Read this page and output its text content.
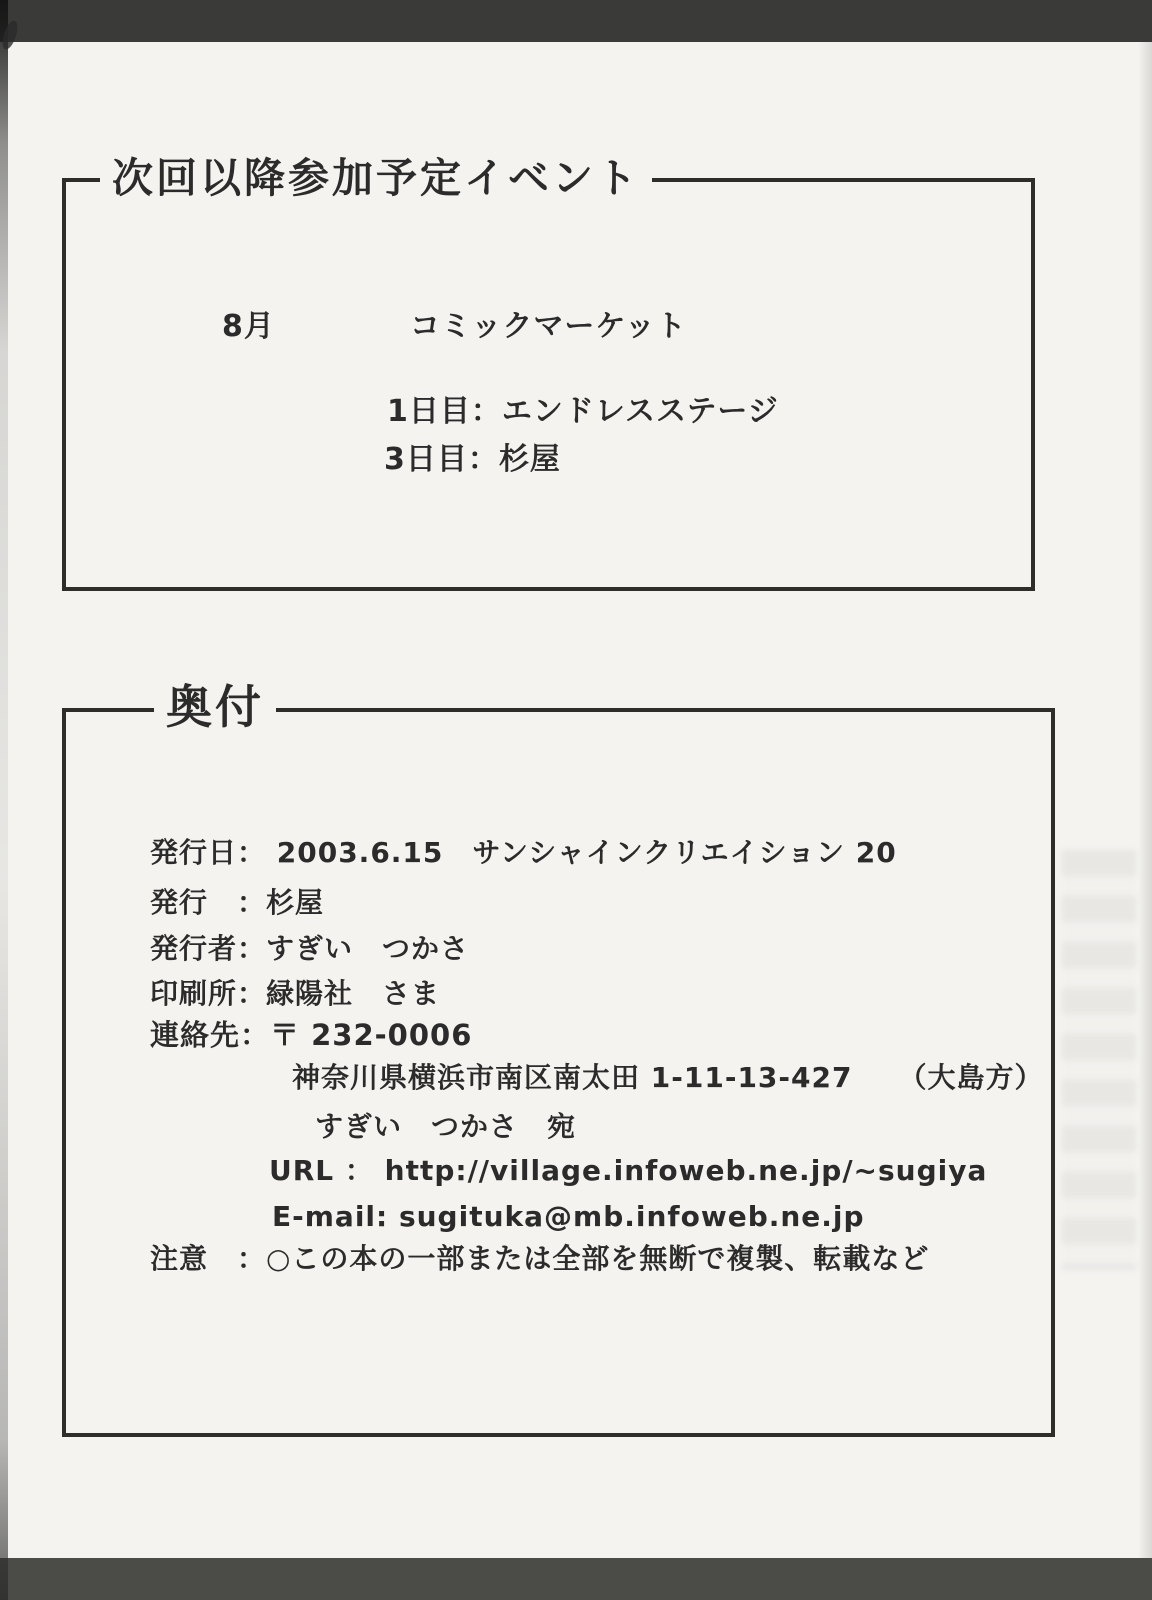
次回以降参加予定イベント
8月	コミックマーケット
1日目：エンドレスステージ
3日目：杉屋
奥付
発行日： 2003.6.15　サンシャインクリエイション 20
発行　：杉屋
発行者：すぎい　つかさ
印刷所：緑陽社　さま
連絡先：〒 232-0006
神奈川県横浜市南区南太田 1-11-13-427 （大島方）
すぎい　つかさ　宛
URL ： http://village.infoweb.ne.jp/~sugiya
E-mail: sugituka@mb.infoweb.ne.jp
注意　：○この本の一部または全部を無断で複製、転載など
